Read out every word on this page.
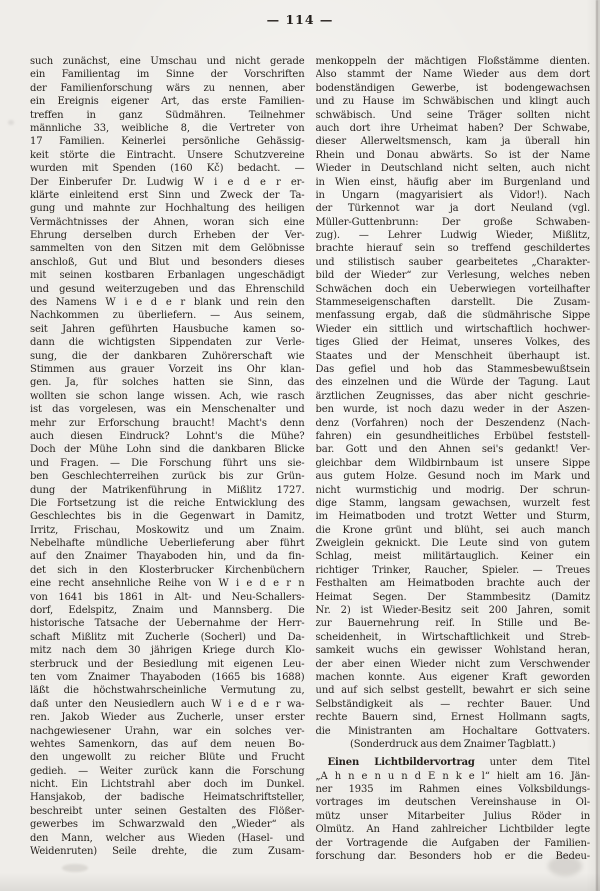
— 114 —
such zunächst, eine Umschau und nicht gerade
ein Familientag im Sinne der Vorschriften
der Familienforschung wärs zu nennen, aber
ein Ereignis eigener Art, das erste Familien-
treffen in ganz Südmähren. Teilnehmer
männliche 33, weibliche 8, die Vertreter von
17 Familien. Keinerlei persönliche Gehässig-
keit störte die Eintracht. Unsere Schutzvereine
wurden mit Spenden (160 Kč) bedacht. —
Der Einberufer Dr. Ludwig W i e d e r er-
klärte einleitend erst Sinn und Zweck der Ta-
gung und mahnte zur Hochhaltung des heiligen
Vermächtnisses der Ahnen, woran sich eine
Ehrung derselben durch Erheben der Ver-
sammelten von den Sitzen mit dem Gelöbnisse
anschloß, Gut und Blut und besonders dieses
mit seinen kostbaren Erbanlagen ungeschädigt
und gesund weiterzugeben und das Ehrenschild
des Namens W i e d e r blank und rein den
Nachkommen zu überliefern. — Aus seinem,
seit Jahren geführten Hausbuche kamen so-
dann die wichtigsten Sippendaten zur Verle-
sung, die der dankbaren Zuhörerschaft wie
Stimmen aus grauer Vorzeit ins Ohr klan-
gen. Ja, für solches hatten sie Sinn, das
wollten sie schon lange wissen. Ach, wie rasch
ist das vorgelesen, was ein Menschenalter und
mehr zur Erforschung braucht! Macht's denn
auch diesen Eindruck? Lohnt's die Mühe?
Doch der Mühe Lohn sind die dankbaren Blicke
und Fragen. — Die Forschung führt uns sie-
ben Geschlechterreihen zurück bis zur Grün-
dung der Matrikenführung in Mißlitz 1727.
Die Fortsetzung ist die reiche Entwicklung des
Geschlechtes bis in die Gegenwart in Damitz,
Irritz, Frischau, Moskowitz und um Znaim.
Nebelhafte mündliche Ueberlieferung aber führt
auf den Znaimer Thayaboden hin, und da fin-
det sich in den Klosterbrucker Kirchenbüchern
eine recht ansehnliche Reihe von W i e d e r n
von 1641 bis 1861 in Alt- und Neu-Schallers-
dorf, Edelspitz, Znaim und Mannsberg. Die
historische Tatsache der Uebernahme der Herr-
schaft Mißlitz mit Zucherle (Socherl) und Da-
mitz nach dem 30 jährigen Kriege durch Klo-
sterbruck und der Besiedlung mit eigenen Leu-
ten vom Znaimer Thayaboden (1665 bis 1688)
läßt die höchstwahrscheinliche Vermutung zu,
daß unter den Neusiedlern auch W i e d e r wa-
ren. Jakob Wieder aus Zucherle, unser erster
nachgewiesener Urahn, war ein solches ver-
wehtes Samenkorn, das auf dem neuen Bo-
den ungewollt zu reicher Blüte und Frucht
gedieh. — Weiter zurück kann die Forschung
nicht. Ein Lichtstrahl aber doch im Dunkel.
Hansjakob, der badische Heimatschriftsteller,
beschreibt unter seinen Gestalten des Flößer-
gewerbes im Schwarzwald den „Wieder“ als
den Mann, welcher aus Wieden (Hasel- und
Weidenruten) Seile drehte, die zum Zusam-
menkoppeln der mächtigen Floßstämme dienten.
Also stammt der Name Wieder aus dem dort
bodenständigen Gewerbe, ist bodengewachsen
und zu Hause im Schwäbischen und klingt auch
schwäbisch. Und seine Träger sollten nicht
auch dort ihre Urheimat haben? Der Schwabe,
dieser Allerweltsmensch, kam ja überall hin
Rhein und Donau abwärts. So ist der Name
Wieder in Deutschland nicht selten, auch nicht
in Wien einst, häufig aber im Burgenland und
in Ungarn (magyarisiert als Vidor!). Nach
der Türkennot war ja dort Neuland (vgl.
Müller-Guttenbrunn: Der große Schwaben-
zug). — Lehrer Ludwig Wieder, Mißlitz,
brachte hierauf sein so treffend geschildertes
und stilistisch sauber gearbeitetes „Charakter-
bild der Wieder“ zur Verlesung, welches neben
Schwächen doch ein Ueberwiegen vorteilhafter
Stammeseigenschaften darstellt. Die Zusam-
menfassung ergab, daß die südmährische Sippe
Wieder ein sittlich und wirtschaftlich hochwer-
tiges Glied der Heimat, unseres Volkes, des
Staates und der Menschheit überhaupt ist.
Das gefiel und hob das Stammesbewußtsein
des einzelnen und die Würde der Tagung. Laut
ärztlichen Zeugnisses, das aber nicht geschrie-
ben wurde, ist noch dazu weder in der Aszen-
denz (Vorfahren) noch der Deszendenz (Nach-
fahren) ein gesundheitliches Erbübel feststell-
bar. Gott und den Ahnen sei's gedankt! Ver-
gleichbar dem Wildbirnbaum ist unsere Sippe
aus gutem Holze. Gesund noch im Mark und
nicht wurmstichig und modrig. Der schrun-
dige Stamm, langsam gewachsen, wurzelt fest
im Heimatboden und trotzt Wetter und Sturm,
die Krone grünt und blüht, sei auch manch
Zweiglein geknickt. Die Leute sind von gutem
Schlag, meist militärtauglich. Keiner ein
richtiger Trinker, Raucher, Spieler. — Treues
Festhalten am Heimatboden brachte auch der
Heimat Segen. Der Stammbesitz (Damitz
Nr. 2) ist Wieder-Besitz seit 200 Jahren, somit
zur Bauernehrung reif. In Stille und Be-
scheidenheit, in Wirtschaftlichkeit und Streb-
samkeit wuchs ein gewisser Wohlstand heran,
der aber einen Wieder nicht zum Verschwender
machen konnte. Aus eigener Kraft geworden
und auf sich selbst gestellt, bewahrt er sich seine
Selbständigkeit als — rechter Bauer. Und
rechte Bauern sind, Ernest Hollmann sagts,
die Ministranten am Hochaltare Gottvaters.
(Sonderdruck aus dem Znaimer Tagblatt.)
Einen Lichtbildervortrag unter dem Titel
„A h n e n u n d E n k e l“ hielt am 16. Jän-
ner 1935 im Rahmen eines Volksbildungs-
vortrages im deutschen Vereinshause in Ol-
mütz unser Mitarbeiter Julius Röder in
Olmütz. An Hand zahlreicher Lichtbilder legte
der Vortragende die Aufgaben der Familien-
forschung dar. Besonders hob er die Bedeu-
